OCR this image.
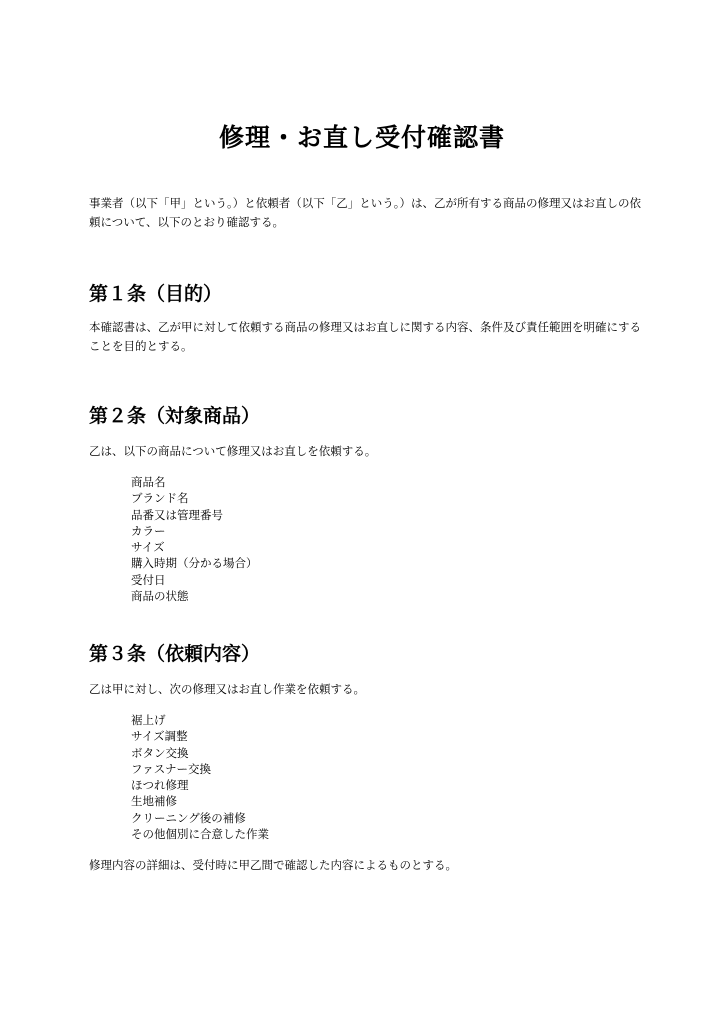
修理・お直し受付確認書

事業者（以下「甲」という。）と依頼者（以下「乙」という。）は、乙が所有する商品の修理又はお直しの依頼について、以下のとおり確認する。

第１条（目的）

本確認書は、乙が甲に対して依頼する商品の修理又はお直しに関する内容、条件及び責任範囲を明確にすることを目的とする。

第２条（対象商品）

乙は、以下の商品について修理又はお直しを依頼する。

商品名
ブランド名
品番又は管理番号
カラー
サイズ
購入時期（分かる場合）
受付日
商品の状態
第３条（依頼内容）

乙は甲に対し、次の修理又はお直し作業を依頼する。

裾上げ
サイズ調整
ボタン交換
ファスナー交換
ほつれ修理
生地補修
クリーニング後の補修
その他個別に合意した作業

修理内容の詳細は、受付時に甲乙間で確認した内容によるものとする。
